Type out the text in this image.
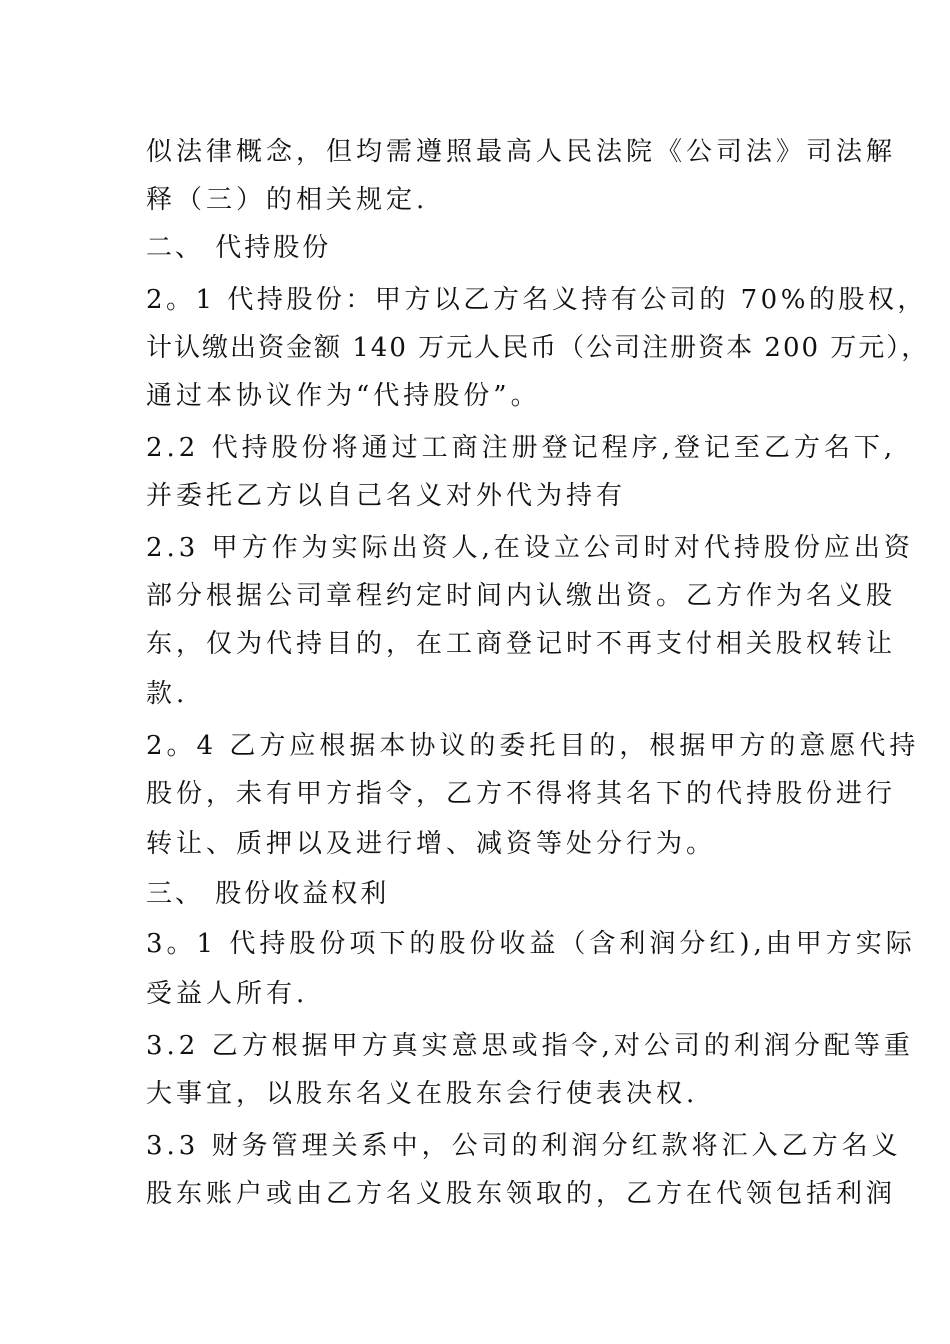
似法律概念，但均需遵照最高人民法院《公司法》司法解
释（三）的相关规定.
二、 代持股份
2。1 代持股份：甲方以乙方名义持有公司的 70%的股权，
计认缴出资金额 140 万元人民币（公司注册资本 200 万元），
通过本协议作为“代持股份”。
2.2 代持股份将通过工商注册登记程序,登记至乙方名下,
并委托乙方以自己名义对外代为持有
2.3 甲方作为实际出资人,在设立公司时对代持股份应出资
部分根据公司章程约定时间内认缴出资。乙方作为名义股
东，仅为代持目的，在工商登记时不再支付相关股权转让
款.
2。4 乙方应根据本协议的委托目的，根据甲方的意愿代持
股份，未有甲方指令，乙方不得将其名下的代持股份进行
转让、质押以及进行增、减资等处分行为。
三、 股份收益权利
3。1 代持股份项下的股份收益（含利润分红),由甲方实际
受益人所有.
3.2 乙方根据甲方真实意思或指令,对公司的利润分配等重
大事宜，以股东名义在股东会行使表决权.
3.3 财务管理关系中，公司的利润分红款将汇入乙方名义
股东账户或由乙方名义股东领取的，乙方在代领包括利润
